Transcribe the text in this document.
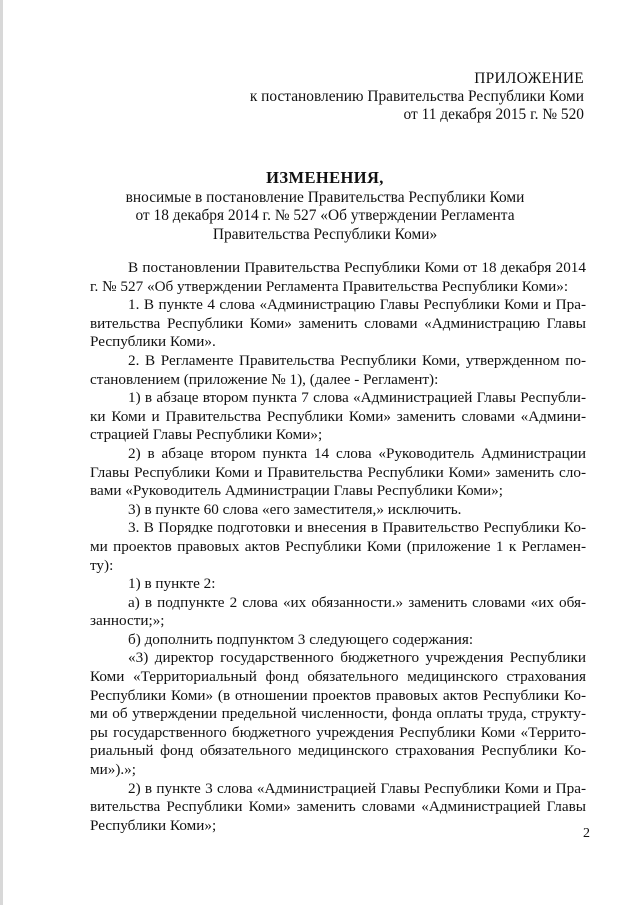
ПРИЛОЖЕНИЕ
к постановлению Правительства Республики Коми
от 11 декабря 2015 г. № 520
ИЗМЕНЕНИЯ,
вносимые в постановление Правительства Республики Коми
от 18 декабря 2014 г. № 527 «Об утверждении Регламента
Правительства Республики Коми»

В постановлении Правительства Республики Коми от 18 декабря 2014 г. № 527 «Об утверждении Регламента Правительства Республики Коми»:

1. В пункте 4 слова «Администрацию Главы Республики Коми и Правительства Республики Коми» заменить словами «Администрацию Главы Республики Коми».

2. В Регламенте Правительства Республики Коми, утвержденном постановлением (приложение № 1), (далее - Регламент):

1) в абзаце втором пункта 7 слова «Администрацией Главы Республики Коми и Правительства Республики Коми» заменить словами «Администрацией Главы Республики Коми»;

2) в абзаце втором пункта 14 слова «Руководитель Администрации Главы Республики Коми и Правительства Республики Коми» заменить словами «Руководитель Администрации Главы Республики Коми»;

3) в пункте 60 слова «его заместителя,» исключить.

3. В Порядке подготовки и внесения в Правительство Республики Коми проектов правовых актов Республики Коми (приложение 1 к Регламенту):

1) в пункте 2:

а) в подпункте 2 слова «их обязанности.» заменить словами «их обязанности;»;

б) дополнить подпунктом 3 следующего содержания:

«3) директор государственного бюджетного учреждения Республики Коми «Территориальный фонд обязательного медицинского страхования Республики Коми» (в отношении проектов правовых актов Республики Коми об утверждении предельной численности, фонда оплаты труда, структуры государственного бюджетного учреждения Республики Коми «Территориальный фонд обязательного медицинского страхования Республики Коми»).»;

2) в пункте 3 слова «Администрацией Главы Республики Коми и Правительства Республики Коми» заменить словами «Администрацией Главы Республики Коми»;	2
